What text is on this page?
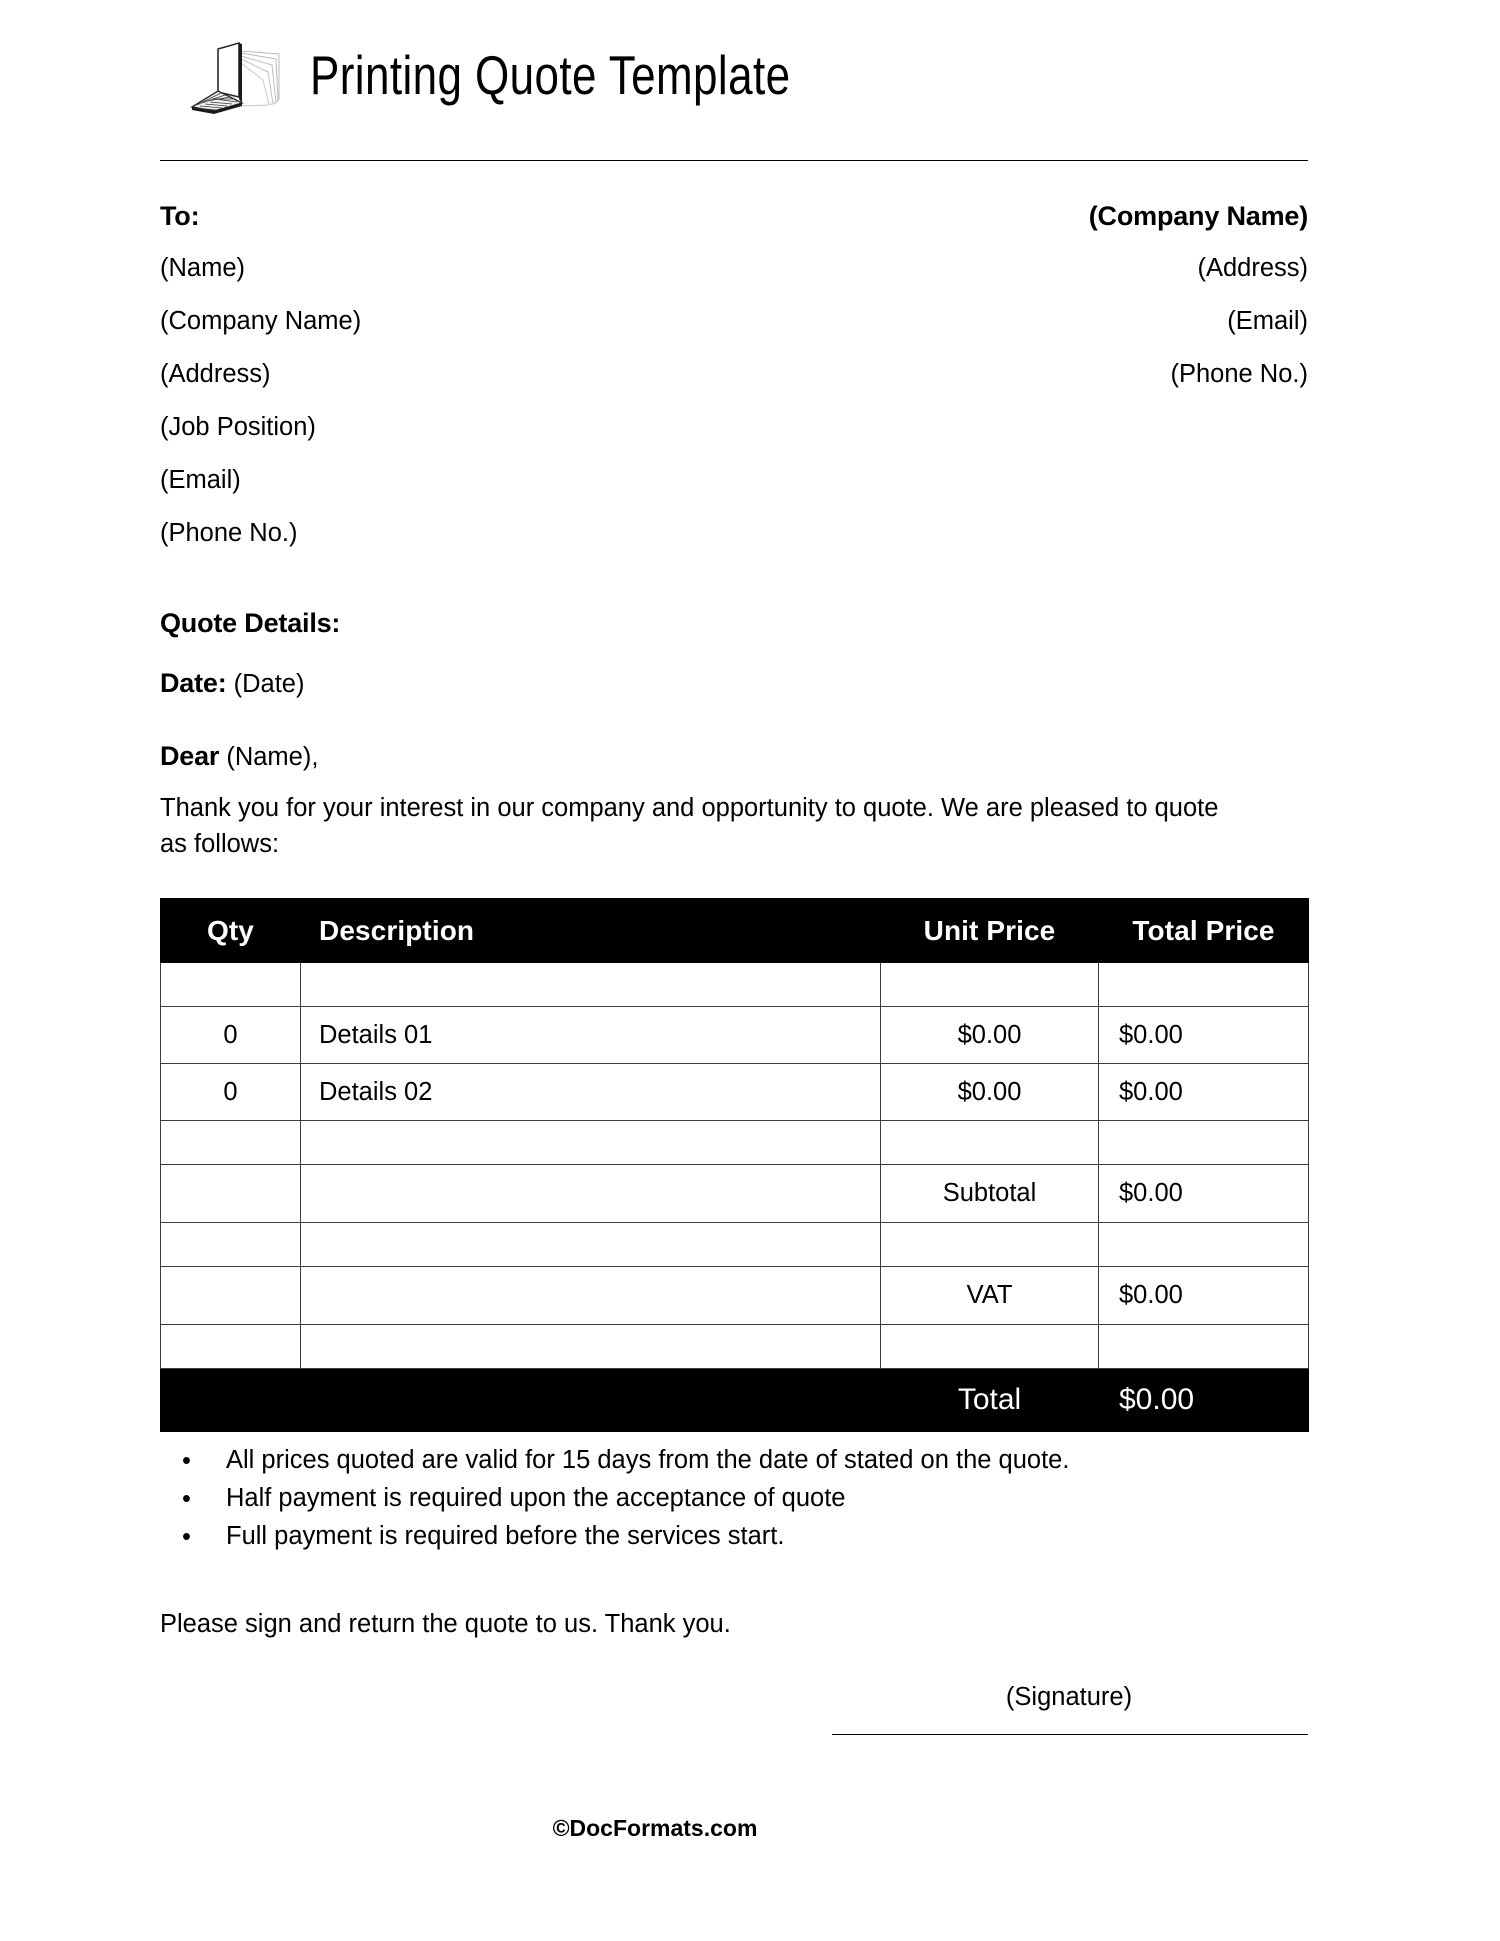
Printing Quote Template
To:	(Company Name)
(Name)	(Address)
(Company Name)	(Email)
(Address)	(Phone No.)
(Job Position)
(Email)
(Phone No.)
Quote Details:
Date: (Date)
Dear (Name),
Thank you for your interest in our company and opportunity to quote. We are pleased to quote as follows:
Qty	Description	Unit Price	Total Price

0	Details 01	$0.00	$0.00
0	Details 02	$0.00	$0.00

		Subtotal	$0.00

		VAT	$0.00

		Total	$0.00
• All prices quoted are valid for 15 days from the date of stated on the quote.
• Half payment is required upon the acceptance of quote
• Full payment is required before the services start.
Please sign and return the quote to us. Thank you.
(Signature)
©DocFormats.com
